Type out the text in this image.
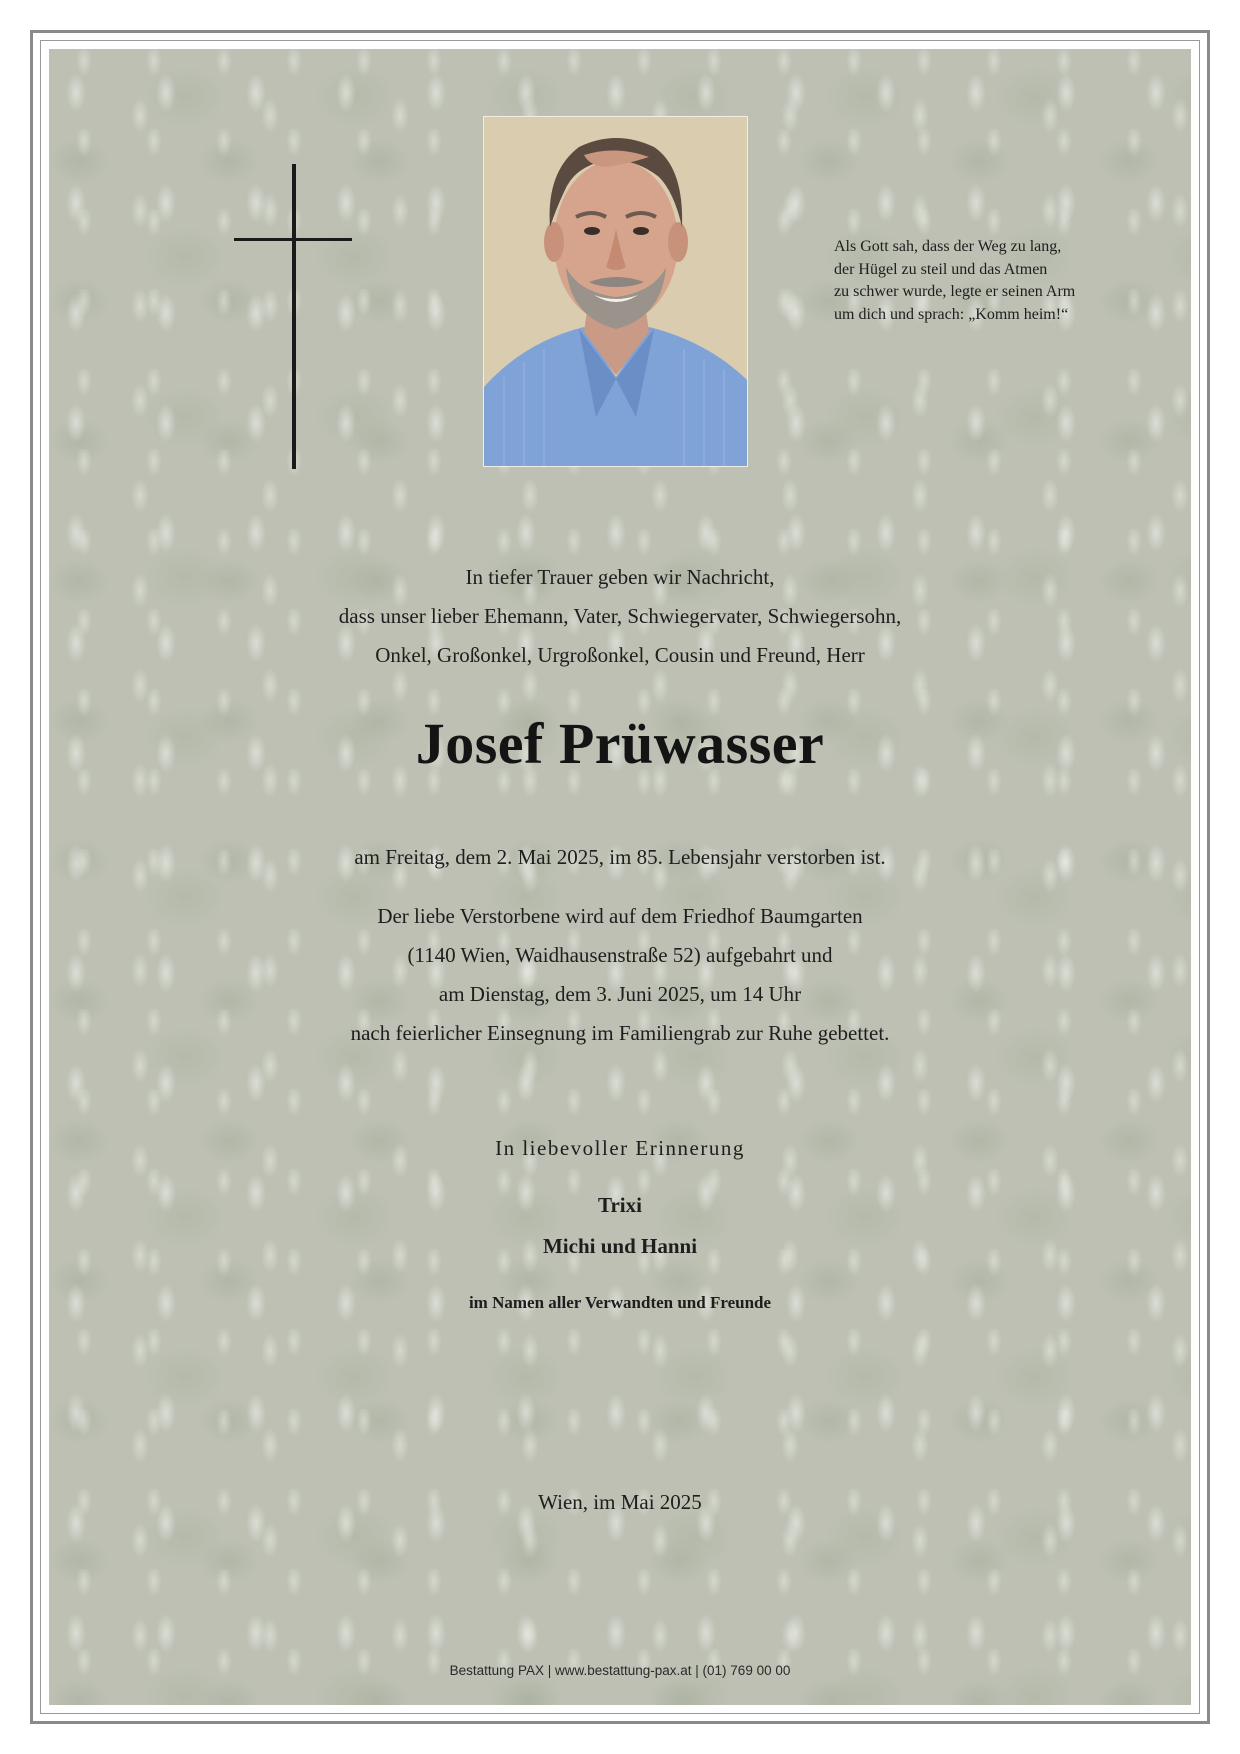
Als Gott sah, dass der Weg zu lang,
der Hügel zu steil und das Atmen
zu schwer wurde, legte er seinen Arm
um dich und sprach: „Komm heim!“
In tiefer Trauer geben wir Nachricht,
dass unser lieber Ehemann, Vater, Schwiegervater, Schwiegersohn,
Onkel, Großonkel, Urgroßonkel, Cousin und Freund, Herr
Josef Prüwasser
am Freitag, dem 2. Mai 2025, im 85. Lebensjahr verstorben ist.
Der liebe Verstorbene wird auf dem Friedhof Baumgarten
(1140 Wien, Waidhausenstraße 52) aufgebahrt und
am Dienstag, dem 3. Juni 2025, um 14 Uhr
nach feierlicher Einsegnung im Familiengrab zur Ruhe gebettet.
In liebevoller Erinnerung
Trixi
Michi und Hanni
im Namen aller Verwandten und Freunde
Wien, im Mai 2025
Bestattung PAX | www.bestattung-pax.at | (01) 769 00 00
